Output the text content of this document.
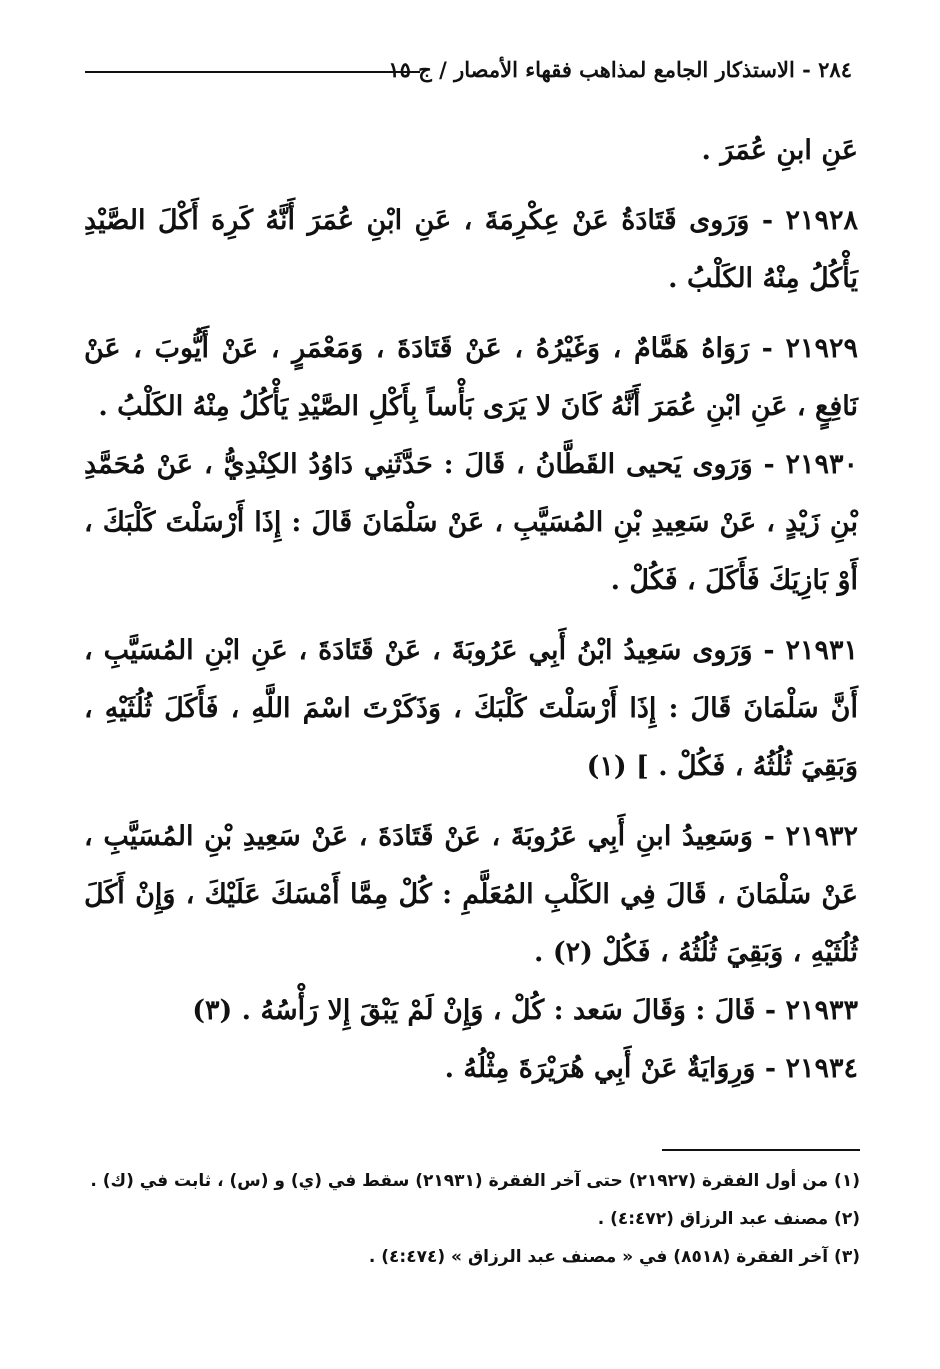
٢٨٤ - الاستذكار الجامع لمذاهب فقهاء الأمصار / ج ١٥

عَنِ ابنِ عُمَرَ .

٢١٩٢٨ - وَرَوى قَتَادَةُ عَنْ عِكْرِمَةَ ، عَنِ ابْنِ عُمَرَ أَنَّهُ كَرِهَ أَكْلَ الصَّيْدِ يَأْكُلُ مِنْهُ الكَلْبُ .

٢١٩٢٩ - رَوَاهُ هَمَّامٌ ، وَغَيْرُهُ ، عَنْ قَتَادَةَ ، وَمَعْمَرٍ ، عَنْ أَيُّوبَ ، عَنْ نَافِعٍ ، عَنِ ابْنِ عُمَرَ أَنَّهُ كَانَ لا يَرَى بَأْساً بِأَكْلِ الصَّيْدِ يَأْكُلُ مِنْهُ الكَلْبُ .

٢١٩٣٠ - وَرَوى يَحيى القَطَّانُ ، قَالَ : حَدَّثَنِي دَاوُدُ الكِنْدِيُّ ، عَنْ مُحَمَّدِ بْنِ زَيْدٍ ، عَنْ سَعِيدِ بْنِ المُسَيَّبِ ، عَنْ سَلْمَانَ قَالَ : إِذَا أَرْسَلْتَ كَلْبَكَ ، أَوْ بَازِيَكَ فَأَكَلَ ، فَكُلْ .

٢١٩٣١ - وَرَوى سَعِيدُ ابْنُ أَبِي عَرُوبَةَ ، عَنْ قَتَادَةَ ، عَنِ ابْنِ المُسَيَّبِ ، أَنَّ سَلْمَانَ قَالَ : إِذَا أَرْسَلْتَ كَلْبَكَ ، وَذَكَرْتَ اسْمَ اللَّهِ ، فَأَكَلَ ثُلُثَيْهِ ، وَبَقِيَ ثُلُثُهُ ، فَكُلْ . ] (١)

٢١٩٣٢ - وَسَعِيدُ ابنِ أَبِي عَرُوبَةَ ، عَنْ قَتَادَةَ ، عَنْ سَعِيدِ بْنِ المُسَيَّبِ ، عَنْ سَلْمَانَ ، قَالَ فِي الكَلْبِ المُعَلَّمِ : كُلْ مِمَّا أَمْسَكَ عَلَيْكَ ، وَإِنْ أَكَلَ ثُلُثَيْهِ ، وَبَقِيَ ثُلُثُهُ ، فَكُلْ (٢) .

٢١٩٣٣ - قَالَ : وَقَالَ سَعد : كُلْ ، وَإِنْ لَمْ يَبْقَ إِلا رَأْسُهُ . (٣)

٢١٩٣٤ - وَرِوَايَةٌ عَنْ أَبِي هُرَيْرَةَ مِثْلُهُ .

(١) من أول الفقرة (٢١٩٢٧) حتى آخر الفقرة (٢١٩٣١) سقط في (ي) و (س) ، ثابت في (ك) .

(٢) مصنف عبد الرزاق (٤:٤٧٢) .

(٣) آخر الفقرة (٨٥١٨) في « مصنف عبد الرزاق » (٤:٤٧٤) .
